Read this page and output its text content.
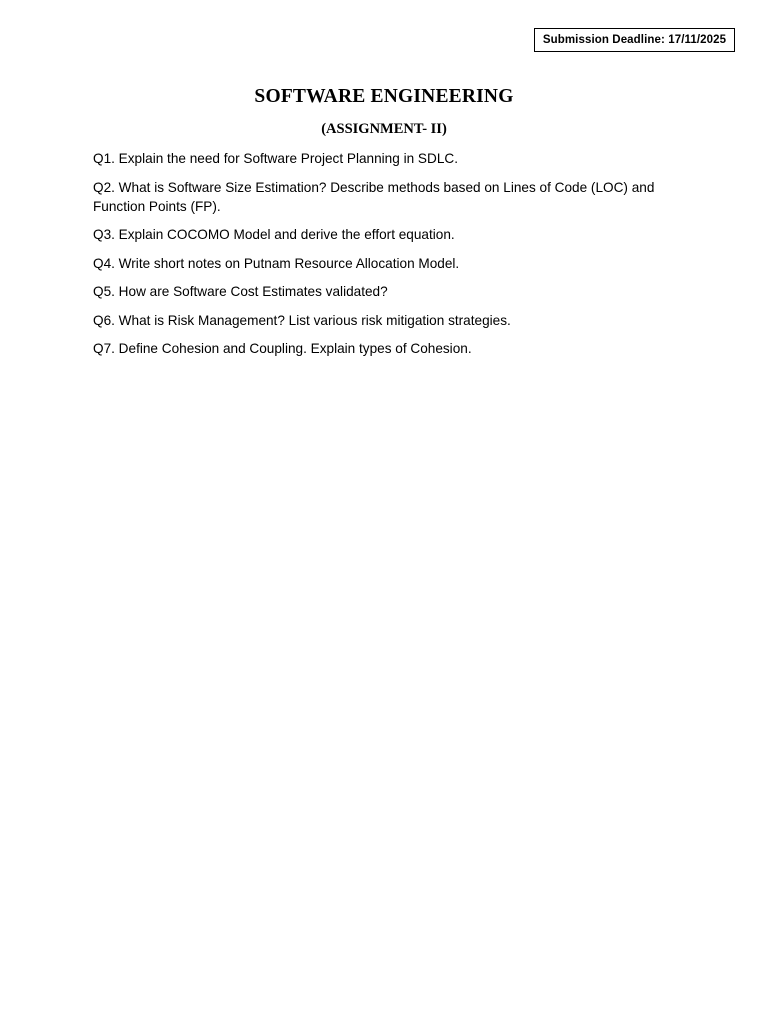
Submission Deadline: 17/11/2025
SOFTWARE ENGINEERING
(ASSIGNMENT- II)
Q1. Explain the need for Software Project Planning in SDLC.
Q2. What is Software Size Estimation? Describe methods based on Lines of Code (LOC) and Function Points (FP).
Q3. Explain COCOMO Model and derive the effort equation.
Q4. Write short notes on Putnam Resource Allocation Model.
Q5. How are Software Cost Estimates validated?
Q6. What is Risk Management? List various risk mitigation strategies.
Q7. Define Cohesion and Coupling. Explain types of Cohesion.
